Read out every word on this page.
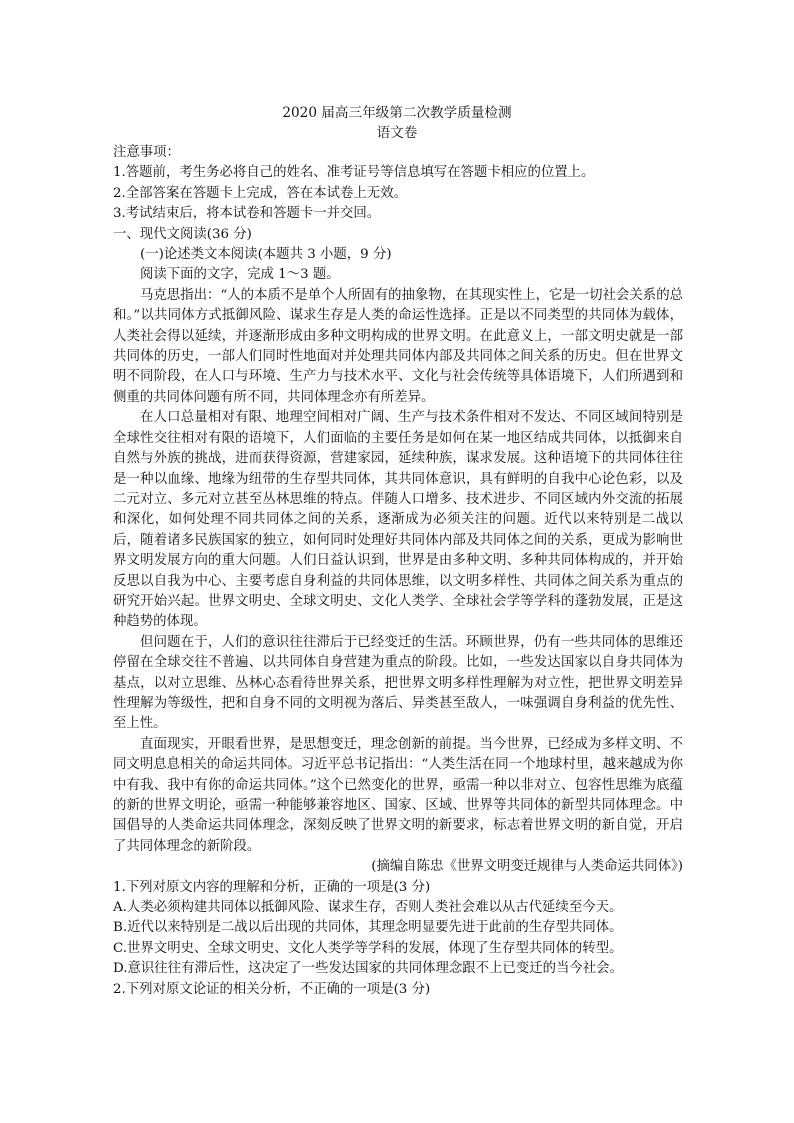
2020 届高三年级第二次教学质量检测
语文卷
注意事项：
1.答题前，考生务必将自己的姓名、准考证号等信息填写在答题卡相应的位置上。
2.全部答案在答题卡上完成，答在本试卷上无效。
3.考试结束后，将本试卷和答题卡一并交回。
一、现代文阅读(36 分)
(一)论述类文本阅读(本题共 3 小题，9 分)
阅读下面的文字，完成 1～3 题。

马克思指出：“人的本质不是单个人所固有的抽象物，在其现实性上，它是一切社会关系的总和。”以共同体方式抵御风险、谋求生存是人类的命运性选择。正是以不同类型的共同体为载体，人类社会得以延续，并逐渐形成由多种文明构成的世界文明。在此意义上，一部文明史就是一部共同体的历史，一部人们同时性地面对并处理共同体内部及共同体之间关系的历史。但在世界文明不同阶段，在人口与环境、生产力与技术水平、文化与社会传统等具体语境下，人们所遇到和侧重的共同体问题有所不同，共同体理念亦有所差异。

在人口总量相对有限、地理空间相对广阔、生产与技术条件相对不发达、不同区域间特别是全球性交往相对有限的语境下，人们面临的主要任务是如何在某一地区结成共同体，以抵御来自自然与外族的挑战，进而获得资源，营建家园，延续种族，谋求发展。这种语境下的共同体往往是一种以血缘、地缘为纽带的生存型共同体，其共同体意识，具有鲜明的自我中心论色彩，以及二元对立、多元对立甚至丛林思维的特点。伴随人口增多、技术进步、不同区域内外交流的拓展和深化，如何处理不同共同体之间的关系，逐渐成为必须关注的问题。近代以来特别是二战以后，随着诸多民族国家的独立，如何同时处理好共同体内部及共同体之间的关系，更成为影响世界文明发展方向的重大问题。人们日益认识到，世界是由多种文明、多种共同体构成的，并开始反思以自我为中心、主要考虑自身利益的共同体思维，以文明多样性、共同体之间关系为重点的研究开始兴起。世界文明史、全球文明史、文化人类学、全球社会学等学科的蓬勃发展，正是这种趋势的体现。

但问题在于，人们的意识往往滞后于已经变迁的生活。环顾世界，仍有一些共同体的思维还停留在全球交往不普遍、以共同体自身营建为重点的阶段。比如，一些发达国家以自身共同体为基点，以对立思维、丛林心态看待世界关系，把世界文明多样性理解为对立性，把世界文明差异性理解为等级性，把和自身不同的文明视为落后、异类甚至敌人，一味强调自身利益的优先性、至上性。

直面现实，开眼看世界，是思想变迁，理念创新的前提。当今世界，已经成为多样文明、不同文明息息相关的命运共同体。习近平总书记指出：“人类生活在同一个地球村里，越来越成为你中有我、我中有你的命运共同体。”这个已然变化的世界，亟需一种以非对立、包容性思维为底蕴的新的世界文明论，亟需一种能够兼容地区、国家、区域、世界等共同体的新型共同体理念。中国倡导的人类命运共同体理念，深刻反映了世界文明的新要求，标志着世界文明的新自觉，开启了共同体理念的新阶段。

(摘编自陈忠《世界文明变迁规律与人类命运共同体》)
1.下列对原文内容的理解和分析，正确的一项是(3 分)
A.人类必须构建共同体以抵御风险、谋求生存，否则人类社会难以从古代延续至今天。
B.近代以来特别是二战以后出现的共同体，其理念明显要先进于此前的生存型共同体。
C.世界文明史、全球文明史、文化人类学等学科的发展，体现了生存型共同体的转型。
D.意识往往有滞后性，这决定了一些发达国家的共同体理念跟不上已变迁的当今社会。
2.下列对原文论证的相关分析，不正确的一项是(3 分)
